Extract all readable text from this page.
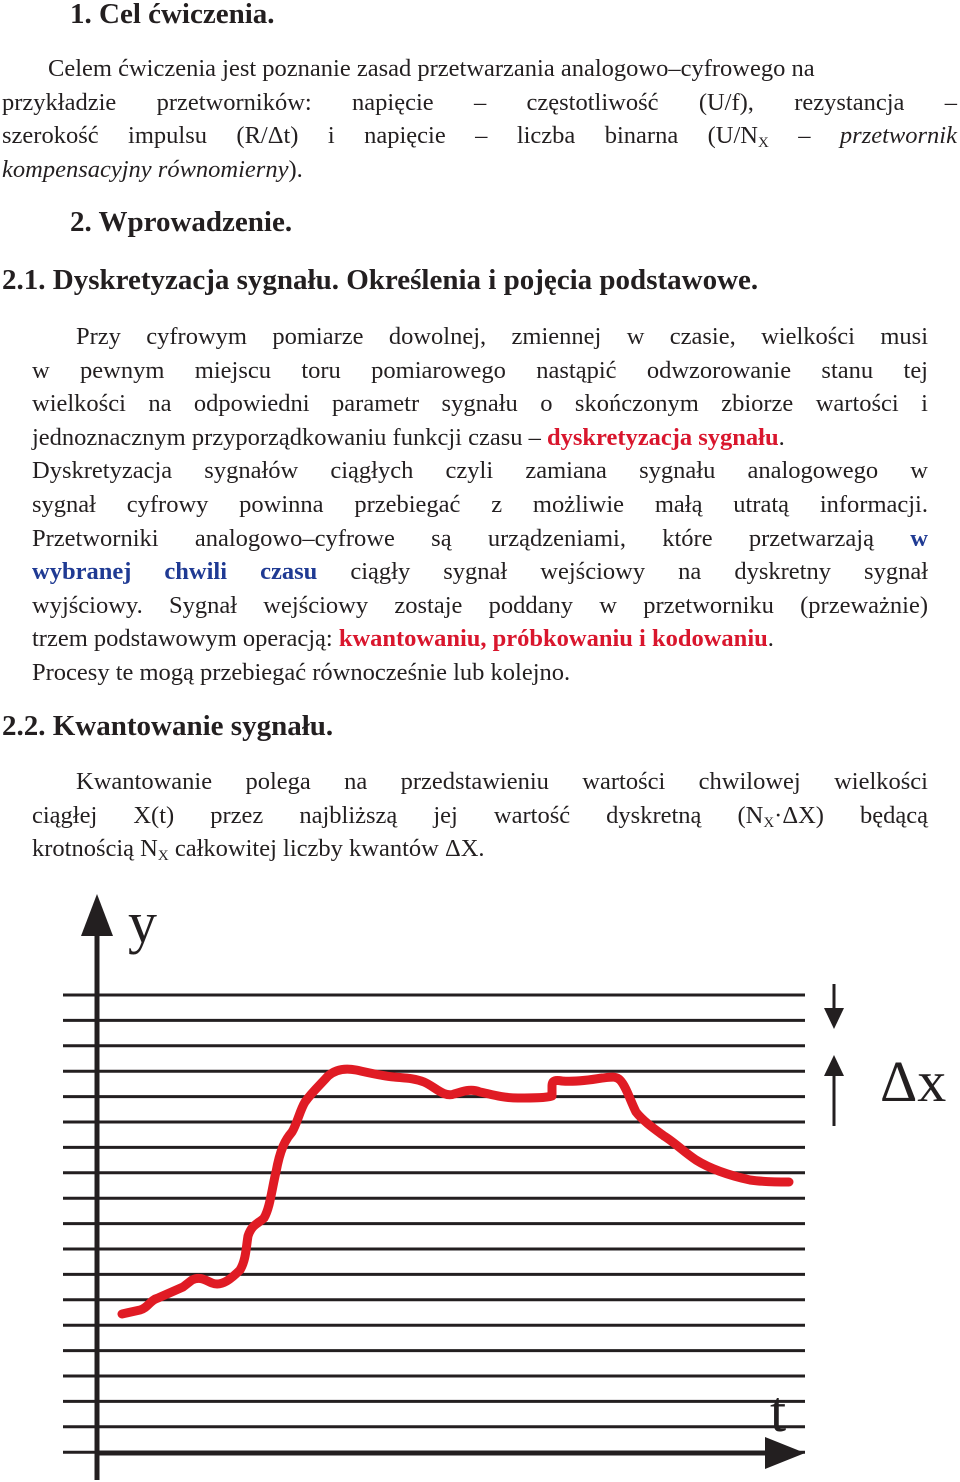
1. Cel ćwiczenia.
Celem ćwiczenia jest poznanie zasad przetwarzania analogowo–cyfrowego na
przykładzie przetworników: napięcie – częstotliwość (U/f), rezystancja –
szerokość impulsu (R/Δt) i napięcie – liczba binarna ($U/N_X$ – przetwornik
kompensacyjny równomierny).
2. Wprowadzenie.
2.1. Dyskretyzacja sygnału. Określenia i pojęcia podstawowe.
Przy cyfrowym pomiarze dowolnej, zmiennej w czasie, wielkości musi
w pewnym miejscu toru pomiarowego nastąpić odwzorowanie stanu tej
wielkości na odpowiedni parametr sygnału o skończonym zbiorze wartości i
jednoznacznym przyporządkowaniu funkcji czasu – dyskretyzacja sygnału.
Dyskretyzacja sygnałów ciągłych czyli zamiana sygnału analogowego w
sygnał cyfrowy powinna przebiegać z możliwie małą utratą informacji.
Przetworniki analogowo–cyfrowe są urządzeniami, które przetwarzają w
wybranej chwili czasu ciągły sygnał wejściowy na dyskretny sygnał
wyjściowy. Sygnał wejściowy zostaje poddany w przetworniku (przeważnie)
trzem podstawowym operacją: kwantowaniu, próbkowaniu i kodowaniu.
Procesy te mogą przebiegać równocześnie lub kolejno.
2.2. Kwantowanie sygnału.
Kwantowanie polega na przedstawieniu wartości chwilowej wielkości
ciągłej X(t) przez najbliższą jej wartość dyskretną $(N_X\cdot\Delta X)$ będącą
krotnością $N_X$ całkowitej liczby kwantów ΔX.
y
t
Δx
